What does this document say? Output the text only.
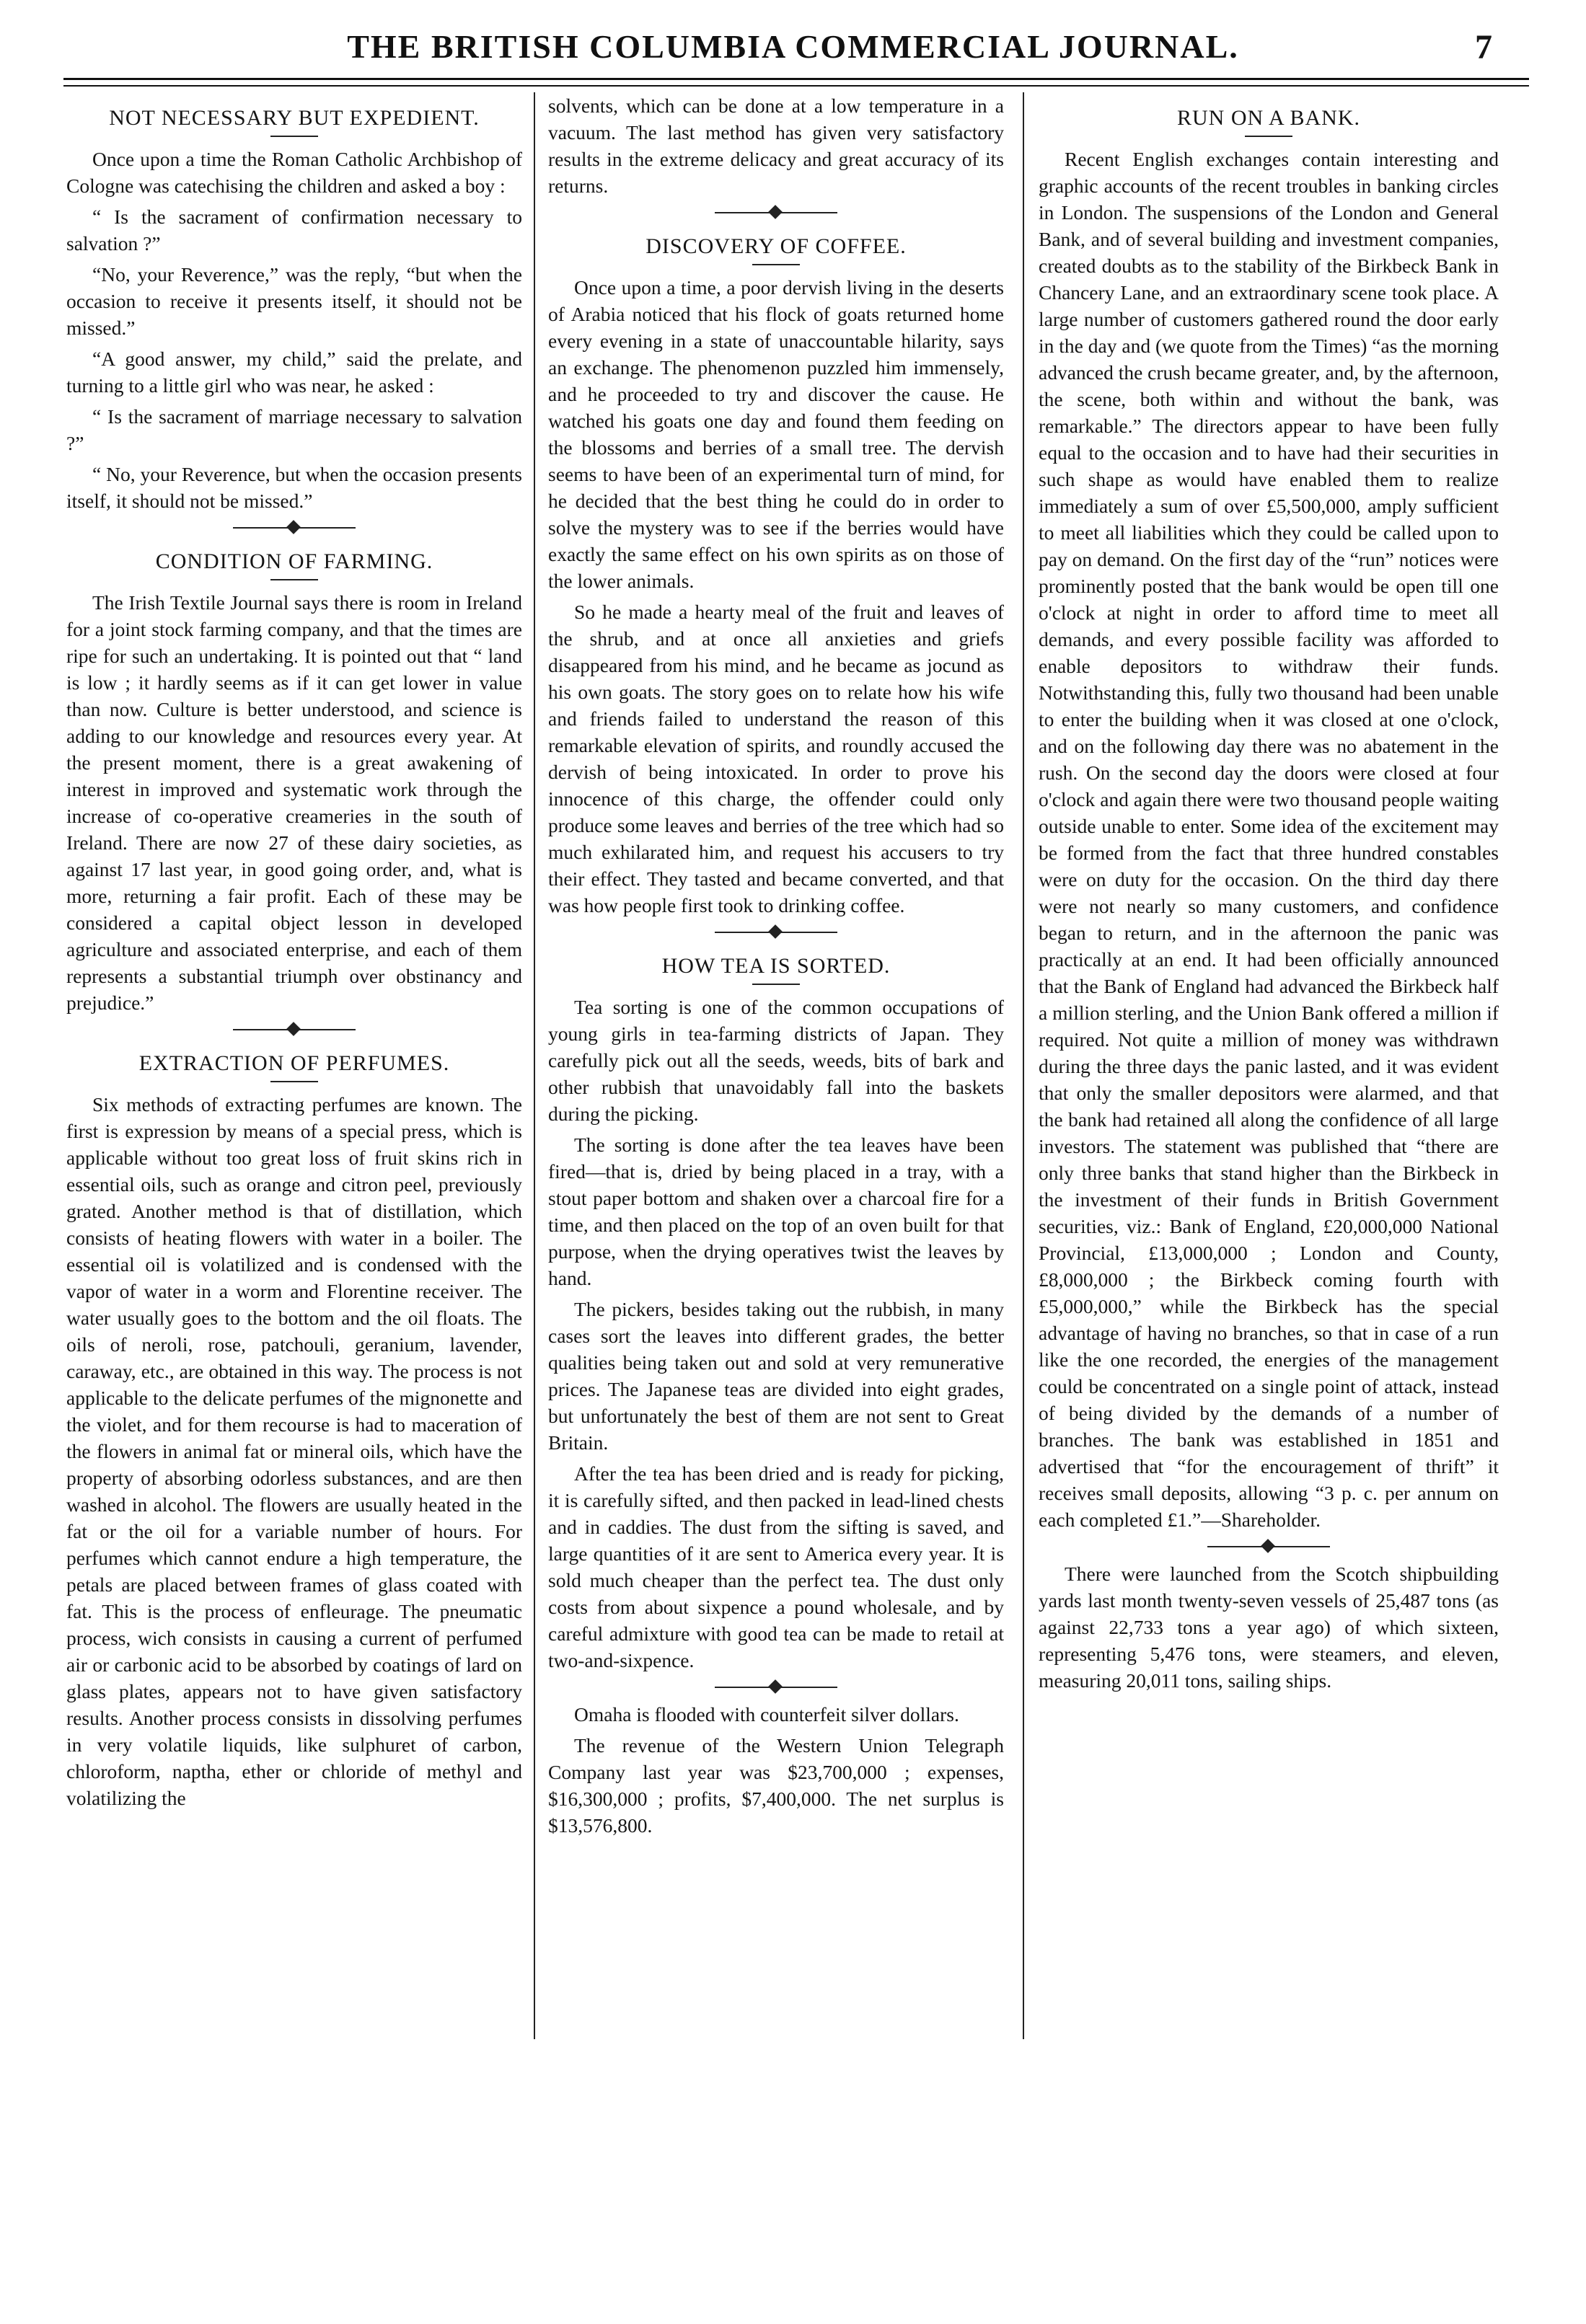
THE BRITISH COLUMBIA COMMERCIAL JOURNAL.	7
NOT NECESSARY BUT EXPEDIENT.

Once upon a time the Roman Catholic Archbishop of Cologne was catechising the children and asked a boy :

“ Is the sacrament of confirmation necessary to salvation ?”

“No, your Reverence,” was the reply, “but when the occasion to receive it presents itself, it should not be missed.”

“A good answer, my child,” said the prelate, and turning to a little girl who was near, he asked :

“ Is the sacrament of marriage necessary to salvation ?”

“ No, your Reverence, but when the occasion presents itself, it should not be missed.”

CONDITION OF FARMING.

The Irish Textile Journal says there is room in Ireland for a joint stock farming company, and that the times are ripe for such an undertaking. It is pointed out that “ land is low ; it hardly seems as if it can get lower in value than now. Culture is better understood, and science is adding to our knowledge and resources every year. At the present moment, there is a great awakening of interest in improved and systematic work through the increase of co-operative creameries in the south of Ireland. There are now 27 of these dairy societies, as against 17 last year, in good going order, and, what is more, returning a fair profit. Each of these may be considered a capital object lesson in developed agriculture and associated enterprise, and each of them represents a substantial triumph over obstinancy and prejudice.”

EXTRACTION OF PERFUMES.

Six methods of extracting perfumes are known. The first is expression by means of a special press, which is applicable without too great loss of fruit skins rich in essential oils, such as orange and citron peel, previously grated. Another method is that of distillation, which consists of heating flowers with water in a boiler. The essential oil is volatilized and is condensed with the vapor of water in a worm and Florentine receiver. The water usually goes to the bottom and the oil floats. The oils of neroli, rose, patchouli, geranium, lavender, caraway, etc., are obtained in this way. The process is not applicable to the delicate perfumes of the mignonette and the violet, and for them recourse is had to maceration of the flowers in animal fat or mineral oils, which have the property of absorbing odorless substances, and are then washed in alcohol. The flowers are usually heated in the fat or the oil for a variable number of hours. For perfumes which cannot endure a high temperature, the petals are placed between frames of glass coated with fat. This is the process of enfleurage. The pneumatic process, wich consists in causing a current of perfumed air or carbonic acid to be absorbed by coatings of lard on glass plates, appears not to have given satisfactory results. Another process consists in dissolving perfumes in very volatile liquids, like sulphuret of carbon, chloroform, naptha, ether or chloride of methyl and volatilizing the

solvents, which can be done at a low temperature in a vacuum. The last method has given very satisfactory results in the extreme delicacy and great accuracy of its returns.

DISCOVERY OF COFFEE.

Once upon a time, a poor dervish living in the deserts of Arabia noticed that his flock of goats returned home every evening in a state of unaccountable hilarity, says an exchange. The phenomenon puzzled him immensely, and he proceeded to try and discover the cause. He watched his goats one day and found them feeding on the blossoms and berries of a small tree. The dervish seems to have been of an experimental turn of mind, for he decided that the best thing he could do in order to solve the mystery was to see if the berries would have exactly the same effect on his own spirits as on those of the lower animals.

So he made a hearty meal of the fruit and leaves of the shrub, and at once all anxieties and griefs disappeared from his mind, and he became as jocund as his own goats. The story goes on to relate how his wife and friends failed to understand the reason of this remarkable elevation of spirits, and roundly accused the dervish of being intoxicated. In order to prove his innocence of this charge, the offender could only produce some leaves and berries of the tree which had so much exhilarated him, and request his accusers to try their effect. They tasted and became converted, and that was how people first took to drinking coffee.

HOW TEA IS SORTED.

Tea sorting is one of the common occupations of young girls in tea-farming districts of Japan. They carefully pick out all the seeds, weeds, bits of bark and other rubbish that unavoidably fall into the baskets during the picking.

The sorting is done after the tea leaves have been fired—that is, dried by being placed in a tray, with a stout paper bottom and shaken over a charcoal fire for a time, and then placed on the top of an oven built for that purpose, when the drying operatives twist the leaves by hand.

The pickers, besides taking out the rubbish, in many cases sort the leaves into different grades, the better qualities being taken out and sold at very remunerative prices. The Japanese teas are divided into eight grades, but unfortunately the best of them are not sent to Great Britain.

After the tea has been dried and is ready for picking, it is carefully sifted, and then packed in lead-lined chests and in caddies. The dust from the sifting is saved, and large quantities of it are sent to America every year. It is sold much cheaper than the perfect tea. The dust only costs from about sixpence a pound wholesale, and by careful admixture with good tea can be made to retail at two-and-sixpence.

Omaha is flooded with counterfeit silver dollars.

The revenue of the Western Union Telegraph Company last year was $23,700,000 ; expenses, $16,300,000 ; profits, $7,400,000. The net surplus is $13,576,800.

RUN ON A BANK.

Recent English exchanges contain interesting and graphic accounts of the recent troubles in banking circles in London. The suspensions of the London and General Bank, and of several building and investment companies, created doubts as to the stability of the Birkbeck Bank in Chancery Lane, and an extraordinary scene took place. A large number of customers gathered round the door early in the day and (we quote from the Times) “as the morning advanced the crush became greater, and, by the afternoon, the scene, both within and without the bank, was remarkable.” The directors appear to have been fully equal to the occasion and to have had their securities in such shape as would have enabled them to realize immediately a sum of over £5,500,000, amply sufficient to meet all liabilities which they could be called upon to pay on demand. On the first day of the “run” notices were prominently posted that the bank would be open till one o'clock at night in order to afford time to meet all demands, and every possible facility was afforded to enable depositors to withdraw their funds. Notwithstanding this, fully two thousand had been unable to enter the building when it was closed at one o'clock, and on the following day there was no abatement in the rush. On the second day the doors were closed at four o'clock and again there were two thousand people waiting outside unable to enter. Some idea of the excitement may be formed from the fact that three hundred constables were on duty for the occasion. On the third day there were not nearly so many customers, and confidence began to return, and in the afternoon the panic was practically at an end. It had been officially announced that the Bank of England had advanced the Birkbeck half a million sterling, and the Union Bank offered a million if required. Not quite a million of money was withdrawn during the three days the panic lasted, and it was evident that only the smaller depositors were alarmed, and that the bank had retained all along the confidence of all large investors. The statement was published that “there are only three banks that stand higher than the Birkbeck in the investment of their funds in British Government securities, viz.: Bank of England, £20,000,000 National Provincial, £13,000,000 ; London and County, £8,000,000 ; the Birkbeck coming fourth with £5,000,000,” while the Birkbeck has the special advantage of having no branches, so that in case of a run like the one recorded, the energies of the management could be concentrated on a single point of attack, instead of being divided by the demands of a number of branches. The bank was established in 1851 and advertised that “for the encouragement of thrift” it receives small deposits, allowing “3 p. c. per annum on each completed £1.”—Shareholder.

There were launched from the Scotch shipbuilding yards last month twenty-seven vessels of 25,487 tons (as against 22,733 tons a year ago) of which sixteen, representing 5,476 tons, were steamers, and eleven, measuring 20,011 tons, sailing ships.
